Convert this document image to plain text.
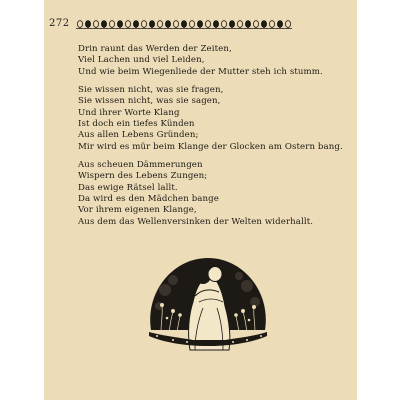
272
Drin raunt das Werden der Zeiten,
Viel Lachen und viel Leiden,
Und wie beim Wiegenliede der Mutter steh ich stumm.
Sie wissen nicht, was sie fragen,
Sie wissen nicht, was sie sagen,
Und ihrer Worte Klang
Ist doch ein tiefes Künden
Aus allen Lebens Gründen;
Mir wird es mür beim Klange der Glocken am Ostern bang.
Aus scheuen Dämmerungen
Wispern des Lebens Zungen;
Das ewige Rätsel lallt.
Da wird es den Mädchen bange
Vor ihrem eigenen Klange,
Aus dem das Wellenversinken der Welten widerhallt.
